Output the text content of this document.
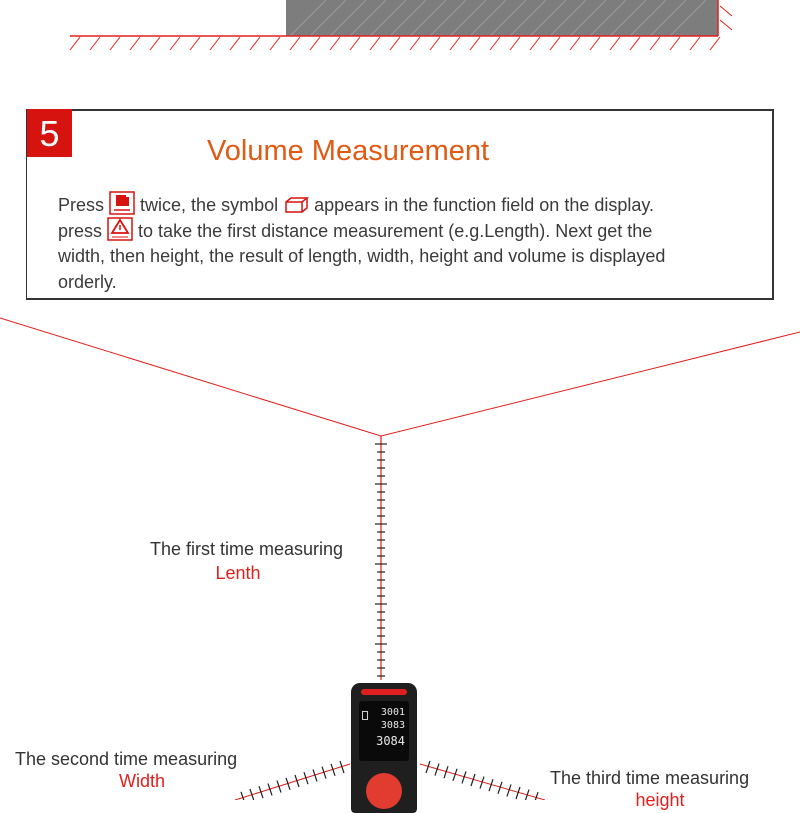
5	Volume Measurement
Press twice, the symbol appears in the function field on the display.
press to take the first distance measurement (e.g.Length). Next get the
width, then height, the result of length, width, height and volume is displayed
orderly.
The first time measuring
Lenth
The second time measuring
Width	The third time measuring
height
3001
3083
3084
